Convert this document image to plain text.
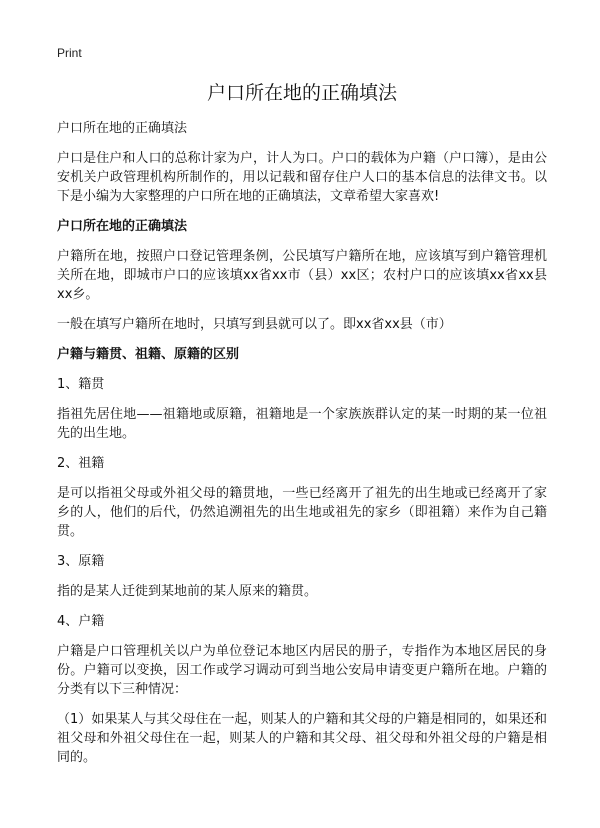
Print
户口所在地的正确填法

户口所在地的正确填法

户口是住户和人口的总称计家为户，计人为口。户口的载体为户籍（户口簿），是由公安机关户政管理机构所制作的，用以记载和留存住户人口的基本信息的法律文书。以下是小编为大家整理的户口所在地的正确填法，文章希望大家喜欢!

户口所在地的正确填法

户籍所在地，按照户口登记管理条例，公民填写户籍所在地，应该填写到户籍管理机关所在地，即城市户口的应该填xx省xx市（县）xx区；农村户口的应该填xx省xx县xx乡。

一般在填写户籍所在地时，只填写到县就可以了。即xx省xx县（市）

户籍与籍贯、祖籍、原籍的区别

1、籍贯

指祖先居住地——祖籍地或原籍，祖籍地是一个家族族群认定的某一时期的某一位祖先的出生地。

2、祖籍

是可以指祖父母或外祖父母的籍贯地，一些已经离开了祖先的出生地或已经离开了家乡的人，他们的后代，仍然追溯祖先的出生地或祖先的家乡（即祖籍）来作为自己籍贯。

3、原籍

指的是某人迁徙到某地前的某人原来的籍贯。

4、户籍

户籍是户口管理机关以户为单位登记本地区内居民的册子，专指作为本地区居民的身份。户籍可以变换，因工作或学习调动可到当地公安局申请变更户籍所在地。户籍的分类有以下三种情况：

（1）如果某人与其父母住在一起，则某人的户籍和其父母的户籍是相同的，如果还和祖父母和外祖父母住在一起，则某人的户籍和其父母、祖父母和外祖父母的户籍是相同的。
